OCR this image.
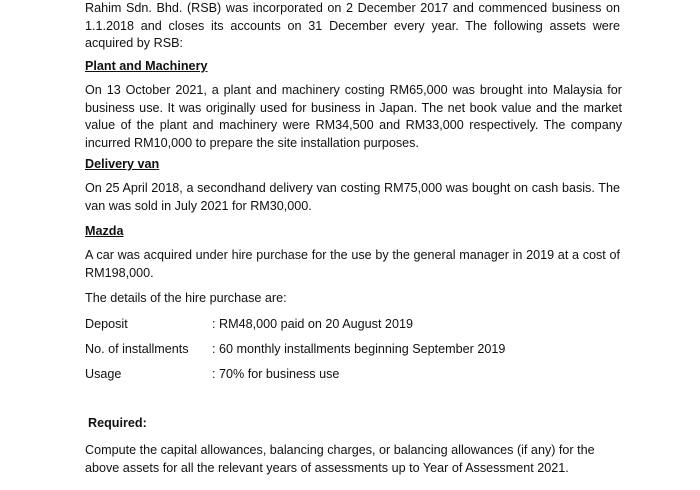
Rahim Sdn. Bhd. (RSB) was incorporated on 2 December 2017 and commenced business on 1.1.2018 and closes its accounts on 31 December every year. The following assets were acquired by RSB:

Plant and Machinery

On 13 October 2021, a plant and machinery costing RM65,000 was brought into Malaysia for business use. It was originally used for business in Japan. The net book value and the market value of the plant and machinery were RM34,500 and RM33,000 respectively. The company incurred RM10,000 to prepare the site installation purposes.

Delivery van

On 25 April 2018, a secondhand delivery van costing RM75,000 was bought on cash basis. The van was sold in July 2021 for RM30,000.

Mazda

A car was acquired under hire purchase for the use by the general manager in 2019 at a cost of RM198,000.

The details of the hire purchase are:

Deposit	: RM48,000 paid on 20 August 2019
No. of installments : 60 monthly installments beginning September 2019
Usage	: 70% for business use
Required:

Compute the capital allowances, balancing charges, or balancing allowances (if any) for the above assets for all the relevant years of assessments up to Year of Assessment 2021.
